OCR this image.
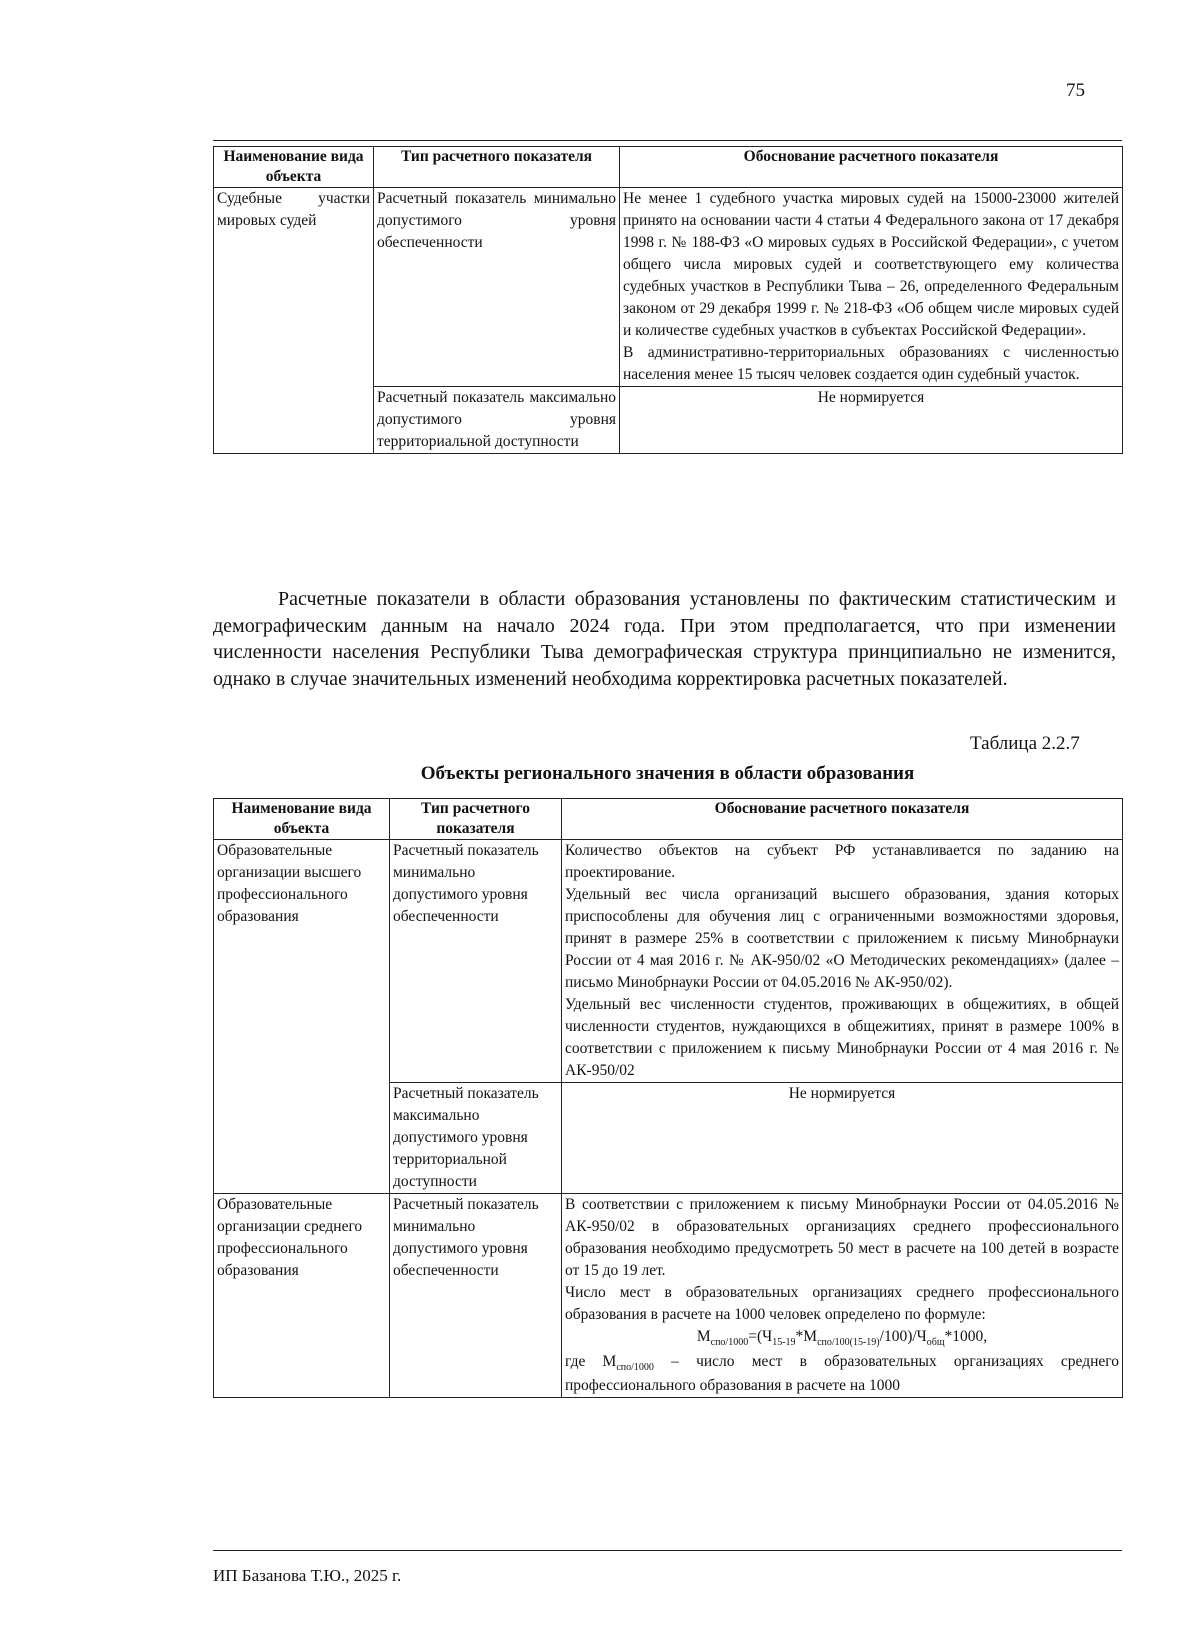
75
Наименование вида объекта	Тип расчетного показателя	Обоснование расчетного показателя
Судебные участки мировых судей	Расчетный показатель минимально допустимого уровня обеспеченности	Не менее 1 судебного участка мировых судей на 15000-23000 жителей принято на основании части 4 статьи 4 Федерального закона от 17 декабря 1998 г. № 188-ФЗ «О мировых судьях в Российской Федерации», с учетом общего числа мировых судей и соответствующего ему количества судебных участков в Республики Тыва – 26, определенного Федеральным законом от 29 декабря 1999 г. № 218-ФЗ «Об общем числе мировых судей и количестве судебных участков в субъектах Российской Федерации».
В административно-территориальных образованиях с численностью населения менее 15 тысяч человек создается один судебный участок.

	Расчетный показатель максимально допустимого уровня территориальной доступности	Не нормируется

Расчетные показатели в области образования установлены по фактическим статистическим и демографическим данным на начало 2024 года. При этом предполагается, что при изменении численности населения Республики Тыва демографическая структура принципиально не изменится, однако в случае значительных изменений необходима корректировка расчетных показателей.

Таблица 2.2.7
Объекты регионального значения в области образования
Наименование вида объекта	Тип расчетного показателя	Обоснование расчетного показателя
Образовательные организации высшего профессионального образования	Расчетный показатель минимально допустимого уровня обеспеченности	Количество объектов на субъект РФ устанавливается по заданию на проектирование.
Удельный вес числа организаций высшего образования, здания которых приспособлены для обучения лиц с ограниченными возможностями здоровья, принят в размере 25% в соответствии с приложением к письму Минобрнауки России от 4 мая 2016 г. № АК-950/02 «О Методических рекомендациях» (далее – письмо Минобрнауки России от 04.05.2016 № АК-950/02).
Удельный вес численности студентов, проживающих в общежитиях, в общей численности студентов, нуждающихся в общежитиях, принят в размере 100% в соответствии с приложением к письму Минобрнауки России от 4 мая 2016 г. № АК-950/02

	Расчетный показатель максимально допустимого уровня территориальной доступности	Не нормируется
Образовательные организации среднего профессионального образования	Расчетный показатель минимально допустимого уровня обеспеченности	В соответствии с приложением к письму Минобрнауки России от 04.05.2016 № АК-950/02 в образовательных организациях среднего профессионального образования необходимо предусмотреть 50 мест в расчете на 100 детей в возрасте от 15 до 19 лет.
Число мест в образовательных организациях среднего профессионального образования в расчете на 1000 человек определено по формуле:
$М_{спо/1000}=(Ч_{15-19}*М_{спо/100(15-19)}/100)/Ч_{общ}*1000$,
где $М_{спо/1000}$ – число мест в образовательных организациях среднего профессионального образования в расчете на 1000
ИП Базанова Т.Ю., 2025 г.
